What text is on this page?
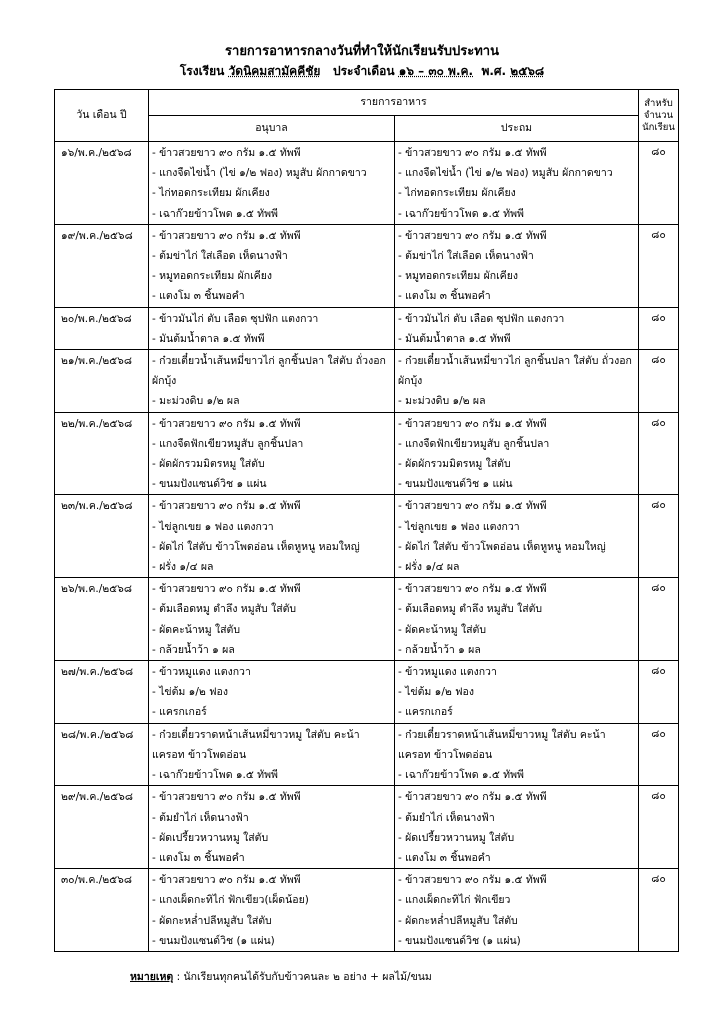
รายการอาหารกลางวันที่ทำให้นักเรียนรับประทาน
โรงเรียน วัดนิคมสามัคคีชัย ประจำเดือน ๑๖ – ๓๐ พ.ค. พ.ศ. ๒๕๖๘
วัน เดือน ปี	รายการอาหาร		สำหรับ จำนวน นักเรียน
	อนุบาล	ประถม	
๑๖/พ.ค./๒๕๖๘	- ข้าวสวยขาว ๙๐ กรัม ๑.๕ ทัพพี
- แกงจืดไข่น้ำ (ไข่ ๑/๒ ฟอง) หมูสับ ผักกาดขาว
- ไก่ทอดกระเทียม ผักเคียง
- เฉาก๊วยข้าวโพด ๑.๕ ทัพพี	- ข้าวสวยขาว ๙๐ กรัม ๑.๕ ทัพพี
- แกงจืดไข่น้ำ (ไข่ ๑/๒ ฟอง) หมูสับ ผักกาดขาว
- ไก่ทอดกระเทียม ผักเคียง
- เฉาก๊วยข้าวโพด ๑.๕ ทัพพี	๘๐
๑๙/พ.ค./๒๕๖๘	- ข้าวสวยขาว ๙๐ กรัม ๑.๕ ทัพพี
- ต้มข่าไก่ ใส่เลือด เห็ดนางฟ้า
- หมูทอดกระเทียม ผักเคียง
- แตงโม ๓ ชิ้นพอคำ	- ข้าวสวยขาว ๙๐ กรัม ๑.๕ ทัพพี
- ต้มข่าไก่ ใส่เลือด เห็ดนางฟ้า
- หมูทอดกระเทียม ผักเคียง
- แตงโม ๓ ชิ้นพอคำ	๘๐
๒๐/พ.ค./๒๕๖๘	- ข้าวมันไก่ ตับ เลือด ซุปฟัก แตงกวา
- มันต้มน้ำตาล ๑.๕ ทัพพี	- ข้าวมันไก่ ตับ เลือด ซุปฟัก แตงกวา
- มันต้มน้ำตาล ๑.๕ ทัพพี	๘๐
๒๑/พ.ค./๒๕๖๘	- ก๋วยเตี๋ยวน้ำเส้นหมี่ขาวไก่ ลูกชิ้นปลา ใส่ตับ ถั่วงอก ผักบุ้ง
- มะม่วงดิบ ๑/๒ ผล	- ก๋วยเตี๋ยวน้ำเส้นหมี่ขาวไก่ ลูกชิ้นปลา ใส่ตับ ถั่วงอก ผักบุ้ง
- มะม่วงดิบ ๑/๒ ผล	๘๐
๒๒/พ.ค./๒๕๖๘	- ข้าวสวยขาว ๙๐ กรัม ๑.๕ ทัพพี
- แกงจืดฟักเขียวหมูสับ ลูกชิ้นปลา
- ผัดผักรวมมิตรหมู ใส่ตับ
- ขนมปังแซนด์วิช ๑ แผ่น	- ข้าวสวยขาว ๙๐ กรัม ๑.๕ ทัพพี
- แกงจืดฟักเขียวหมูสับ ลูกชิ้นปลา
- ผัดผักรวมมิตรหมู ใส่ตับ
- ขนมปังแซนด์วิช ๑ แผ่น	๘๐
๒๓/พ.ค./๒๕๖๘	- ข้าวสวยขาว ๙๐ กรัม ๑.๕ ทัพพี
- ไข่ลูกเขย ๑ ฟอง แตงกวา
- ผัดไก่ ใส่ตับ ข้าวโพดอ่อน เห็ดหูหนู หอมใหญ่
- ฝรั่ง ๑/๔ ผล	- ข้าวสวยขาว ๙๐ กรัม ๑.๕ ทัพพี
- ไข่ลูกเขย ๑ ฟอง แตงกวา
- ผัดไก่ ใส่ตับ ข้าวโพดอ่อน เห็ดหูหนู หอมใหญ่
- ฝรั่ง ๑/๔ ผล	๘๐
๒๖/พ.ค./๒๕๖๘	- ข้าวสวยขาว ๙๐ กรัม ๑.๕ ทัพพี
- ต้มเลือดหมู ตำลึง หมูสับ ใส่ตับ
- ผัดคะน้าหมู ใส่ตับ
- กล้วยน้ำว้า ๑ ผล	- ข้าวสวยขาว ๙๐ กรัม ๑.๕ ทัพพี
- ต้มเลือดหมู ตำลึง หมูสับ ใส่ตับ
- ผัดคะน้าหมู ใส่ตับ
- กล้วยน้ำว้า ๑ ผล	๘๐
๒๗/พ.ค./๒๕๖๘	- ข้าวหมูแดง แตงกวา
- ไข่ต้ม ๑/๒ ฟอง
- แครกเกอร์	- ข้าวหมูแดง แตงกวา
- ไข่ต้ม ๑/๒ ฟอง
- แครกเกอร์	๘๐
๒๘/พ.ค./๒๕๖๘	- ก๋วยเตี๋ยวราดหน้าเส้นหมี่ขาวหมู ใส่ตับ คะน้า แครอท ข้าวโพดอ่อน
- เฉาก๊วยข้าวโพด ๑.๕ ทัพพี	- ก๋วยเตี๋ยวราดหน้าเส้นหมี่ขาวหมู ใส่ตับ คะน้า แครอท ข้าวโพดอ่อน
- เฉาก๊วยข้าวโพด ๑.๕ ทัพพี	๘๐
๒๙/พ.ค./๒๕๖๘	- ข้าวสวยขาว ๙๐ กรัม ๑.๕ ทัพพี
- ต้มยำไก่ เห็ดนางฟ้า
- ผัดเปรี้ยวหวานหมู ใส่ตับ
- แตงโม ๓ ชิ้นพอคำ	- ข้าวสวยขาว ๙๐ กรัม ๑.๕ ทัพพี
- ต้มยำไก่ เห็ดนางฟ้า
- ผัดเปรี้ยวหวานหมู ใส่ตับ
- แตงโม ๓ ชิ้นพอคำ	๘๐
๓๐/พ.ค./๒๕๖๘	- ข้าวสวยขาว ๙๐ กรัม ๑.๕ ทัพพี
- แกงเผ็ดกะทิไก่ ฟักเขียว(เผ็ดน้อย)
- ผัดกะหล่ำปลีหมูสับ ใส่ตับ
- ขนมปังแซนด์วิช (๑ แผ่น)	- ข้าวสวยขาว ๙๐ กรัม ๑.๕ ทัพพี
- แกงเผ็ดกะทิไก่ ฟักเขียว
- ผัดกะหล่ำปลีหมูสับ ใส่ตับ
- ขนมปังแซนด์วิช (๑ แผ่น)	๘๐
หมายเหตุ : นักเรียนทุกคนได้รับกับข้าวคนละ ๒ อย่าง + ผลไม้/ขนม
